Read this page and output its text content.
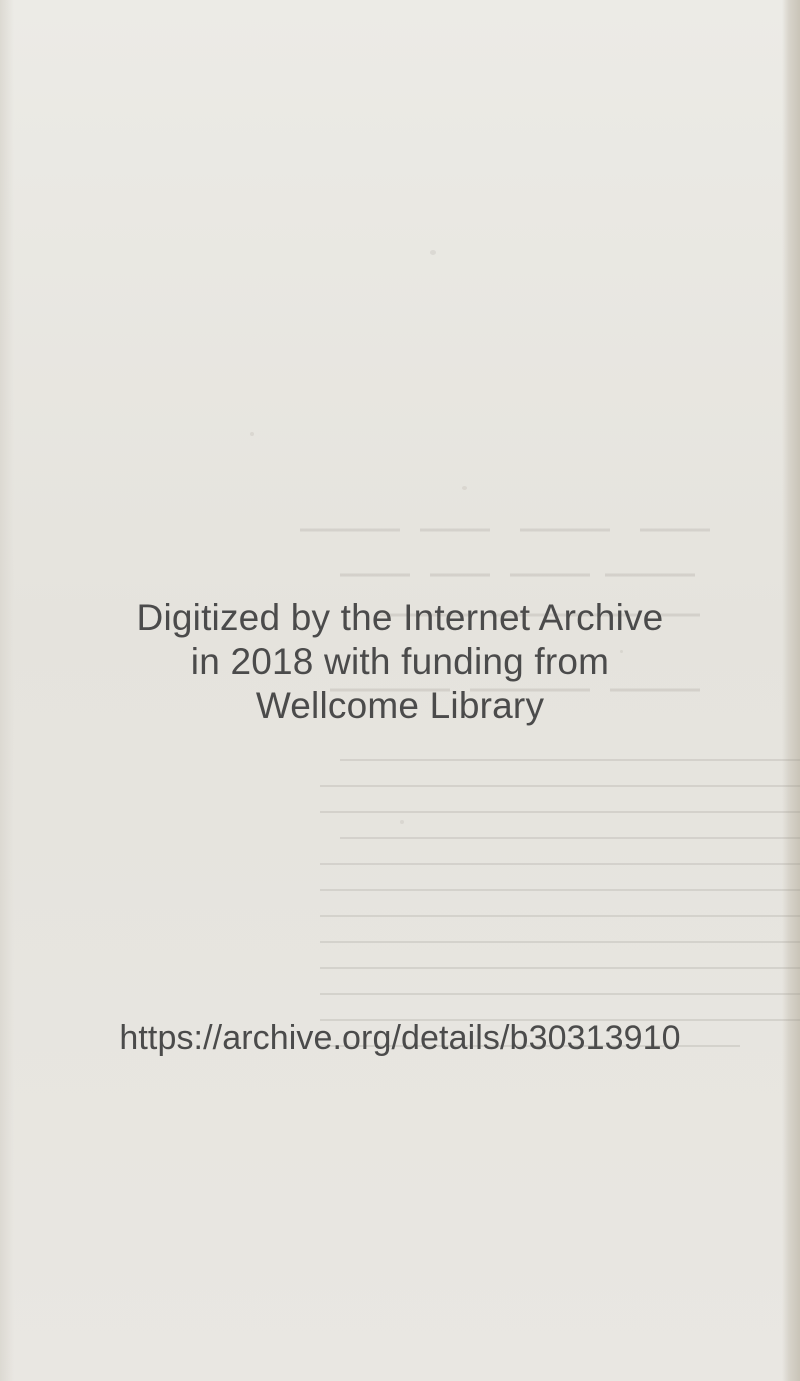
Digitized by the Internet Archive
in 2018 with funding from
Wellcome Library
https://archive.org/details/b30313910
